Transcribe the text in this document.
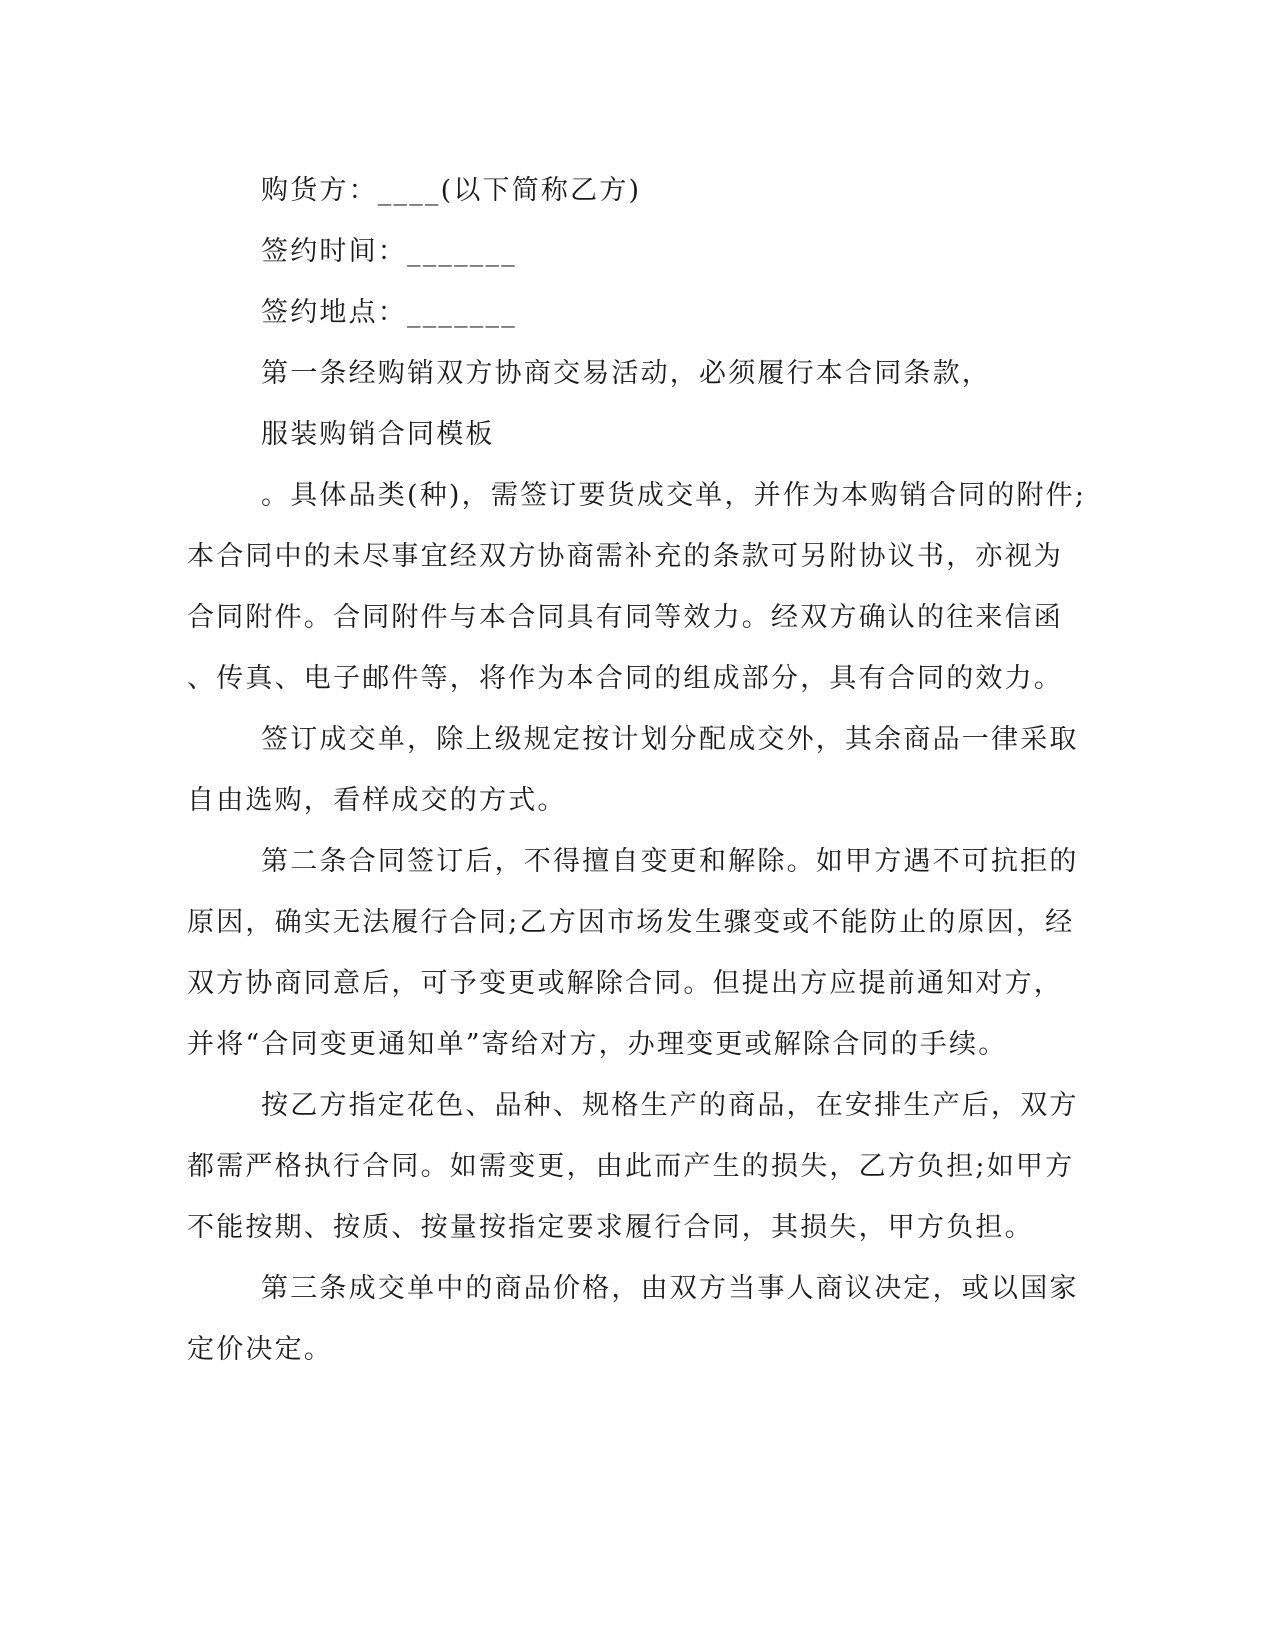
购货方：____(以下简称乙方)
签约时间：_______
签约地点：_______
第一条经购销双方协商交易活动，必须履行本合同条款，
服装购销合同模板
。具体品类(种)，需签订要货成交单，并作为本购销合同的附件;
本合同中的未尽事宜经双方协商需补充的条款可另附协议书，亦视为
合同附件。合同附件与本合同具有同等效力。经双方确认的往来信函
、传真、电子邮件等，将作为本合同的组成部分，具有合同的效力。
签订成交单，除上级规定按计划分配成交外，其余商品一律采取
自由选购，看样成交的方式。
第二条合同签订后，不得擅自变更和解除。如甲方遇不可抗拒的
原因，确实无法履行合同;乙方因市场发生骤变或不能防止的原因，经
双方协商同意后，可予变更或解除合同。但提出方应提前通知对方，
并将“合同变更通知单”寄给对方，办理变更或解除合同的手续。
按乙方指定花色、品种、规格生产的商品，在安排生产后，双方
都需严格执行合同。如需变更，由此而产生的损失，乙方负担;如甲方
不能按期、按质、按量按指定要求履行合同，其损失，甲方负担。
第三条成交单中的商品价格，由双方当事人商议决定，或以国家
定价决定。
